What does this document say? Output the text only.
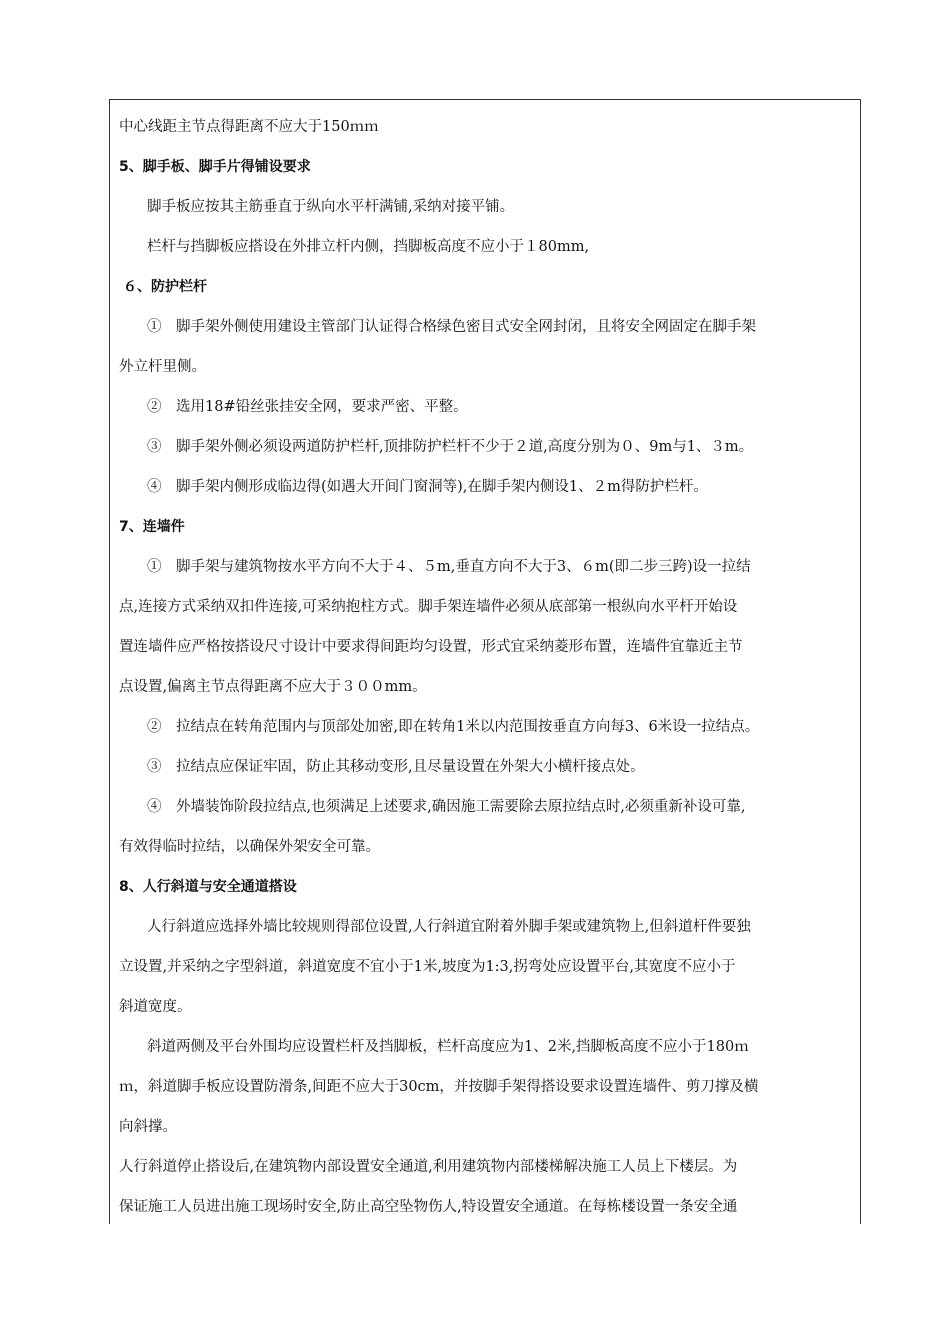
中心线距主节点得距离不应大于150ｍｍ
5、脚手板、脚手片得铺设要求
脚手板应按其主筋垂直于纵向水平杆满铺,采纳对接平铺。
栏杆与挡脚板应搭设在外排立杆内侧，挡脚板高度不应小于１80mm,
６、防护栏杆
①　脚手架外侧使用建设主管部门认证得合格绿色密目式安全网封闭，且将安全网固定在脚手架
外立杆里侧。
②　选用18#铅丝张挂安全网，要求严密、平整。
③　脚手架外侧必须设两道防护栏杆,顶排防护栏杆不少于２道,高度分别为０、9m与1、３m。
④　脚手架内侧形成临边得(如遇大开间门窗洞等),在脚手架内侧设1、２m得防护栏杆。
7、连墙件
①　脚手架与建筑物按水平方向不大于４、５m,垂直方向不大于3、６m(即二步三跨)设一拉结
点,连接方式采纳双扣件连接,可采纳抱柱方式。脚手架连墙件必须从底部第一根纵向水平杆开始设
置连墙件应严格按搭设尺寸设计中要求得间距均匀设置，形式宜采纳菱形布置，连墙件宜靠近主节
点设置,偏离主节点得距离不应大于３００mm。
②　拉结点在转角范围内与顶部处加密,即在转角1米以内范围按垂直方向每3、6米设一拉结点。
③　拉结点应保证牢固，防止其移动变形,且尽量设置在外架大小横杆接点处。
④　外墙装饰阶段拉结点,也须满足上述要求,确因施工需要除去原拉结点时,必须重新补设可靠,
有效得临时拉结，以确保外架安全可靠。
8、人行斜道与安全通道搭设
人行斜道应选择外墙比较规则得部位设置,人行斜道宜附着外脚手架或建筑物上,但斜道杆件要独
立设置,并采纳之字型斜道，斜道宽度不宜小于1米,坡度为1:3,拐弯处应设置平台,其宽度不应小于
斜道宽度。
斜道两侧及平台外围均应设置栏杆及挡脚板，栏杆高度应为1、2米,挡脚板高度不应小于180ｍ
ｍ，斜道脚手板应设置防滑条,间距不应大于30cm，并按脚手架得搭设要求设置连墙件、剪刀撑及横
向斜撑。
人行斜道停止搭设后,在建筑物内部设置安全通道,利用建筑物内部楼梯解决施工人员上下楼层。为
保证施工人员进出施工现场时安全,防止高空坠物伤人,特设置安全通道。在每栋楼设置一条安全通
